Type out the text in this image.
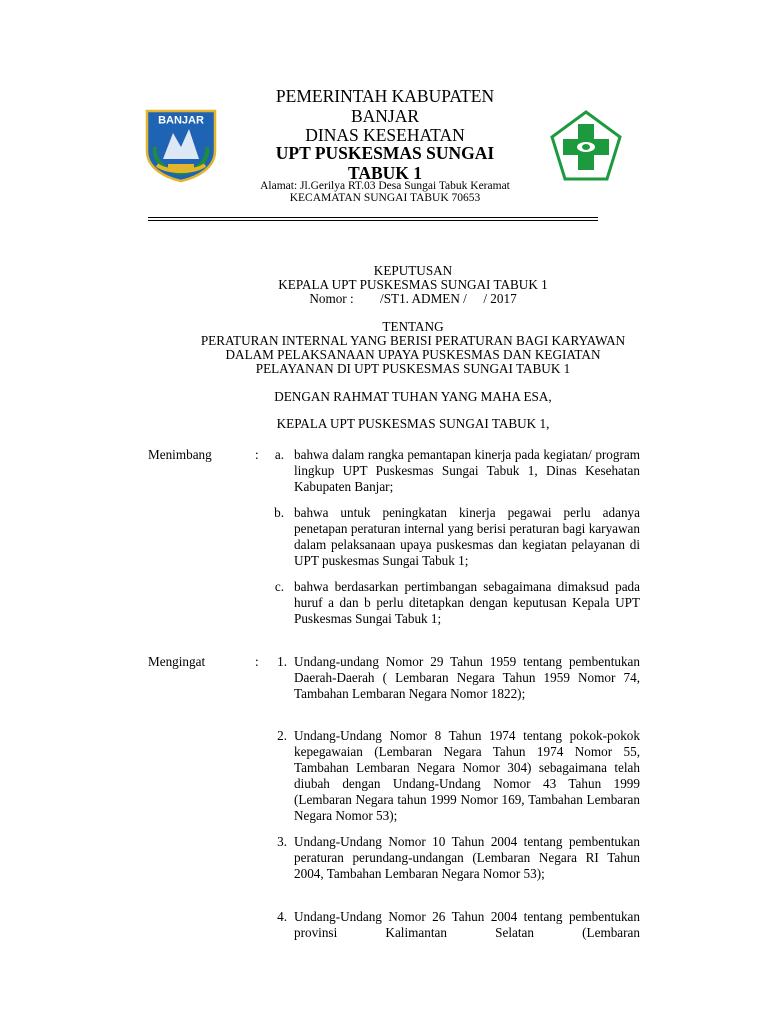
BANJAR
PEMERINTAH KABUPATEN
BANJAR
DINAS KESEHATAN
UPT PUSKESMAS SUNGAI
TABUK 1
Alamat: Jl.Gerilya RT.03 Desa Sungai Tabuk Keramat
KECAMATAN SUNGAI TABUK 70653
KEPUTUSAN
KEPALA UPT PUSKESMAS SUNGAI TABUK 1
Nomor :        /ST1. ADMEN /     / 2017
TENTANG
PERATURAN INTERNAL YANG BERISI PERATURAN BAGI KARYAWAN
DALAM PELAKSANAAN UPAYA PUSKESMAS DAN KEGIATAN
PELAYANAN DI UPT PUSKESMAS SUNGAI TABUK 1
DENGAN RAHMAT TUHAN YANG MAHA ESA,
KEPALA UPT PUSKESMAS SUNGAI TABUK 1,
Menimbang	:	a. bahwa dalam rangka pemantapan kinerja pada kegiatan/ program lingkup UPT Puskesmas Sungai Tabuk 1, Dinas Kesehatan Kabupaten Banjar;
b. bahwa untuk peningkatan kinerja pegawai perlu adanya penetapan peraturan internal yang berisi peraturan bagi karyawan dalam pelaksanaan upaya puskesmas dan kegiatan pelayanan di UPT puskesmas Sungai Tabuk 1;
c. bahwa berdasarkan pertimbangan sebagaimana dimaksud pada huruf a dan b perlu ditetapkan dengan keputusan Kepala UPT Puskesmas Sungai Tabuk 1;
Mengingat	:	1. Undang-undang Nomor 29 Tahun 1959 tentang pembentukan Daerah-Daerah ( Lembaran Negara Tahun 1959 Nomor 74, Tambahan Lembaran Negara Nomor 1822);
2. Undang-Undang Nomor 8 Tahun 1974 tentang pokok-pokok kepegawaian (Lembaran Negara Tahun 1974 Nomor 55, Tambahan Lembaran Negara Nomor 304) sebagaimana telah diubah dengan Undang-Undang Nomor 43 Tahun 1999 (Lembaran Negara tahun 1999 Nomor 169, Tambahan Lembaran Negara Nomor 53);
3. Undang-Undang Nomor 10 Tahun 2004 tentang pembentukan peraturan perundang-undangan (Lembaran Negara RI Tahun 2004, Tambahan Lembaran Negara Nomor 53);
4. Undang-Undang Nomor 26 Tahun 2004 tentang pembentukan provinsi Kalimantan Selatan (Lembaran
